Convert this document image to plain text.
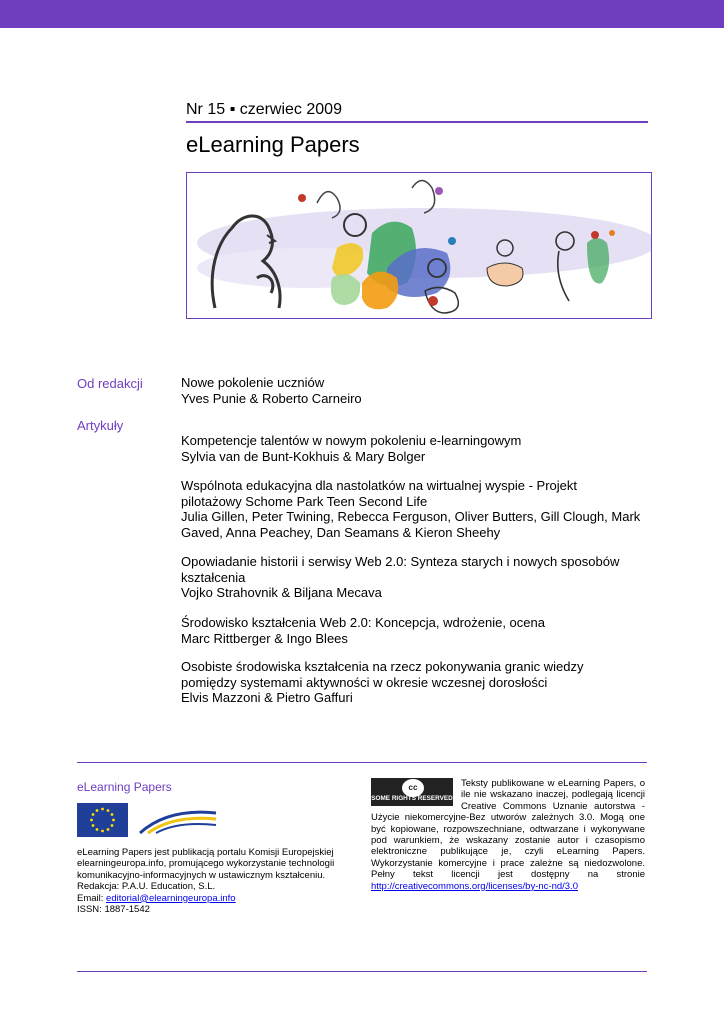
Nr 15 ▪ czerwiec 2009
eLearning Papers
Od redakcji	Nowe pokolenie uczniów
Yves Punie & Roberto Carneiro
Artykuły
Kompetencje talentów w nowym pokoleniu e-learningowym
Sylvia van de Bunt-Kokhuis & Mary Bolger
Wspólnota edukacyjna dla nastolatków na wirtualnej wyspie - Projekt pilotażowy Schome Park Teen Second Life
Julia Gillen, Peter Twining, Rebecca Ferguson, Oliver Butters, Gill Clough, Mark Gaved, Anna Peachey, Dan Seamans & Kieron Sheehy
Opowiadanie historii i serwisy Web 2.0: Synteza starych i nowych sposobów kształcenia
Vojko Strahovnik & Biljana Mecava
Środowisko kształcenia Web 2.0: Koncepcja, wdrożenie, ocena
Marc Rittberger & Ingo Blees
Osobiste środowiska kształcenia na rzecz pokonywania granic wiedzy pomiędzy systemami aktywności w okresie wczesnej dorosłości
Elvis Mazzoni & Pietro Gaffuri
eLearning Papers
eLearning Papers jest publikacją portalu Komisji Europejskiej elearningeuropa.info, promującego wykorzystanie technologii komunikacyjno-informacyjnych w ustawicznym kształceniu.
Redakcja: P.A.U. Education, S.L.
Email: editorial@elearningeuropa.info
ISSN: 1887-1542
cc
SOME RIGHTS RESERVED
Teksty publikowane w eLearning Papers, o ile nie wskazano inaczej, podlegają licencji Creative Commons Uznanie autorstwa - Użycie niekomercyjne-Bez utworów zależnych 3.0. Mogą one być kopiowane, rozpowszechniane, odtwarzane i wykonywane pod warunkiem, że wskazany zostanie autor i czasopismo elektroniczne publikujące je, czyli eLearning Papers. Wykorzystanie komercyjne i prace zależne są niedozwolone. Pełny tekst licencji jest dostępny na stronie http://creativecommons.org/licenses/by-nc-nd/3.0
